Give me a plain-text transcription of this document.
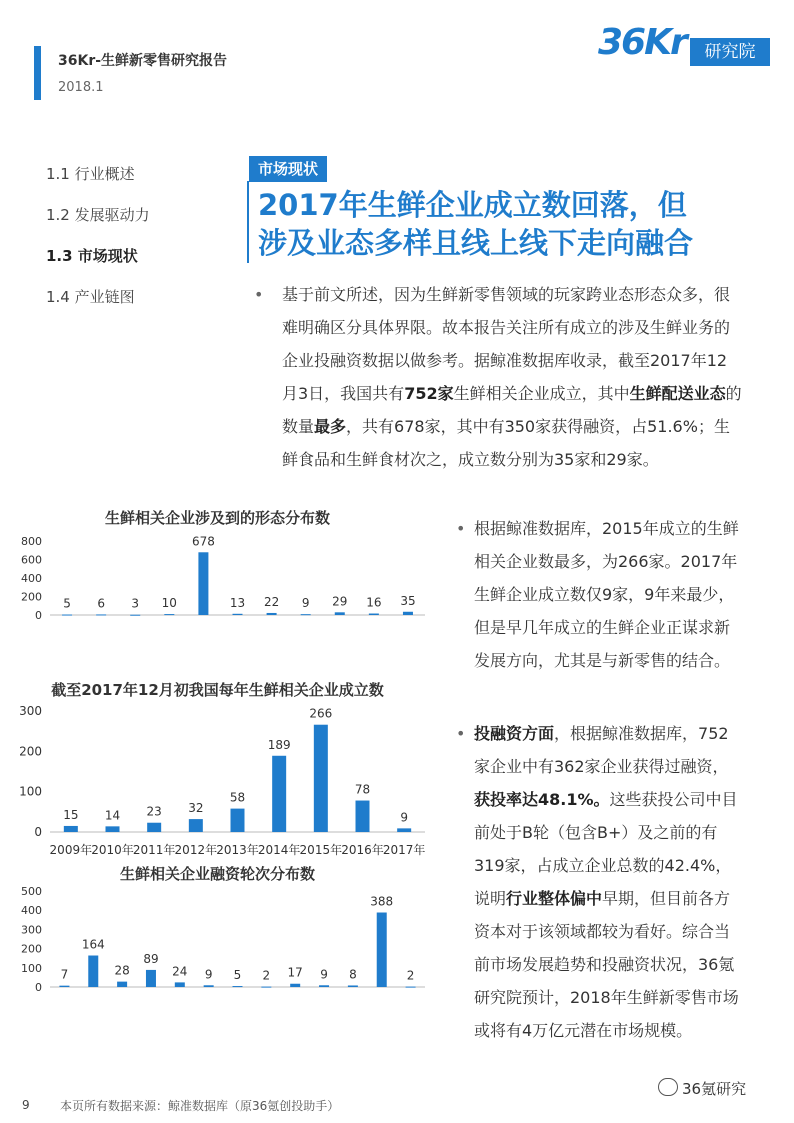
36Kr-生鲜新零售研究报告
2018.1
36Kr	研究院
1.1 行业概述
1.2 发展驱动力
1.3 市场现状
1.4 产业链图
市场现状
2017年生鲜企业成立数回落，但
涉及业态多样且线上线下走向融合
• 基于前文所述，因为生鲜新零售领域的玩家跨业态形态众多，很难明确区分具体界限。故本报告关注所有成立的涉及生鲜业务的企业投融资数据以做参考。据鲸准数据库收录，截至2017年12月3日，我国共有752家生鲜相关企业成立，其中生鲜配送业态的数量最多，共有678家，其中有350家获得融资，占51.6%；生鲜食品和生鲜食材次之，成立数分别为35家和29家。
• 根据鲸准数据库，2015年成立的生鲜相关企业数最多，为266家。2017年生鲜企业成立数仅9家，9年来最少，但是早几年成立的生鲜企业正谋求新发展方向，尤其是与新零售的结合。
• 投融资方面，根据鲸准数据库，752家企业中有362家企业获得过融资，获投率达48.1%。这些获投公司中目前处于B轮（包含B+）及之前的有319家，占成立企业总数的42.4%，说明行业整体偏中早期，但目前各方资本对于该领域都较为看好。综合当前市场发展趋势和投融资状况，36氪研究院预计，2018年生鲜新零售市场或将有4万亿元潜在市场规模。
生鲜相关企业涉及到的形态分布数
0
200
400
600
800
5 6 3 10
678
13 22 9 29 16 35
截至2017年12月初我国每年生鲜相关企业成立数
0
100
200
300
15
2009年
14
2010年
23
2011年
32
2012年
58
2013年
189
2014年
266
2015年
78
2016年
9
2017年
生鲜相关企业融资轮次分布数
0
100
200
300
400
500
7
164
28
89
24 9 5 2 17 9 8
388
2
9	本页所有数据来源：鲸准数据库（原36氪创投助手）
36氪研究
